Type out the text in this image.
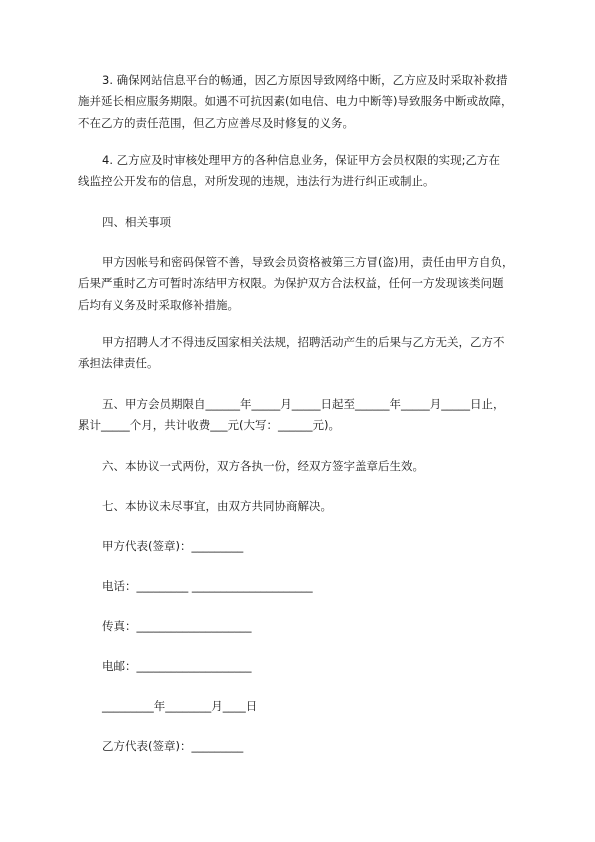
3. 确保网站信息平台的畅通，因乙方原因导致网络中断，乙方应及时采取补救措
施并延长相应服务期限。如遇不可抗因素(如电信、电力中断等)导致服务中断或故障，
不在乙方的责任范围，但乙方应善尽及时修复的义务。
4. 乙方应及时审核处理甲方的各种信息业务，保证甲方会员权限的实现;乙方在
线监控公开发布的信息，对所发现的违规，违法行为进行纠正或制止。
四、相关事项
甲方因帐号和密码保管不善，导致会员资格被第三方冒(盗)用，责任由甲方自负，
后果严重时乙方可暂时冻结甲方权限。为保护双方合法权益，任何一方发现该类问题
后均有义务及时采取修补措施。
甲方招聘人才不得违反国家相关法规，招聘活动产生的后果与乙方无关，乙方不
承担法律责任。
五、甲方会员期限自______年_____月_____日起至______年_____月_____日止，
累计_____个月，共计收费___元(大写：______元)。
六、本协议一式两份，双方各执一份，经双方签字盖章后生效。
七、本协议未尽事宜，由双方共同协商解决。
甲方代表(签章)：_________
电话：_________ _____________________
传真：____________________
电邮：____________________
_________年________月____日
乙方代表(签章)：_________
